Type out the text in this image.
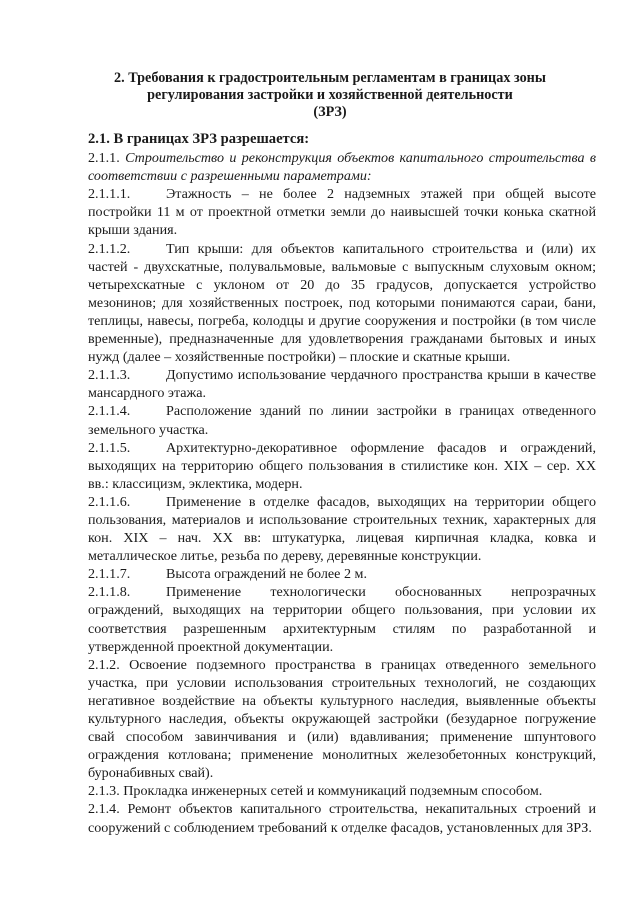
2. Требования к градостроительным регламентам в границах зоны
регулирования застройки и хозяйственной деятельности
(ЗРЗ)

2.1. В границах ЗРЗ разрешается:

2.1.1. Строительство и реконструкция объектов капитального строительства в соответствии с разрешенными параметрами:

2.1.1.1.	Этажность – не более 2 надземных этажей при общей высоте постройки 11 м от проектной отметки земли до наивысшей точки конька скатной крыши здания.

2.1.1.2.	Тип крыши: для объектов капитального строительства и (или) их частей - двухскатные, полувальмовые, вальмовые с выпускным слуховым окном; четырехскатные с уклоном от 20 до 35 градусов, допускается устройство мезонинов; для хозяйственных построек, под которыми понимаются сараи, бани, теплицы, навесы, погреба, колодцы и другие сооружения и постройки (в том числе временные), предназначенные для удовлетворения гражданами бытовых и иных нужд (далее – хозяйственные постройки) – плоские и скатные крыши.

2.1.1.3.	Допустимо использование чердачного пространства крыши в качестве мансардного этажа.

2.1.1.4.	Расположение зданий по линии застройки в границах отведенного земельного участка.

2.1.1.5.	Архитектурно-декоративное оформление фасадов и ограждений, выходящих на территорию общего пользования в стилистике кон. XIX – сер. XX вв.: классицизм, эклектика, модерн.

2.1.1.6.	Применение в отделке фасадов, выходящих на территории общего пользования, материалов и использование строительных техник, характерных для кон. XIX – нач. XX вв: штукатурка, лицевая кирпичная кладка, ковка и металлическое литье, резьба по дереву, деревянные конструкции.

2.1.1.7.	Высота ограждений не более 2 м.

2.1.1.8.	Применение технологически обоснованных непрозрачных ограждений, выходящих на территории общего пользования, при условии их соответствия разрешенным архитектурным стилям по разработанной и утвержденной проектной документации.

2.1.2. Освоение подземного пространства в границах отведенного земельного участка, при условии использования строительных технологий, не создающих негативное воздействие на объекты культурного наследия, выявленные объекты культурного наследия, объекты окружающей застройки (безударное погружение свай способом завинчивания и (или) вдавливания; применение шпунтового ограждения котлована; применение монолитных железобетонных конструкций, буронабивных свай).

2.1.3. Прокладка инженерных сетей и коммуникаций подземным способом.

2.1.4. Ремонт объектов капитального строительства, некапитальных строений и сооружений с соблюдением требований к отделке фасадов, установленных для ЗРЗ.
